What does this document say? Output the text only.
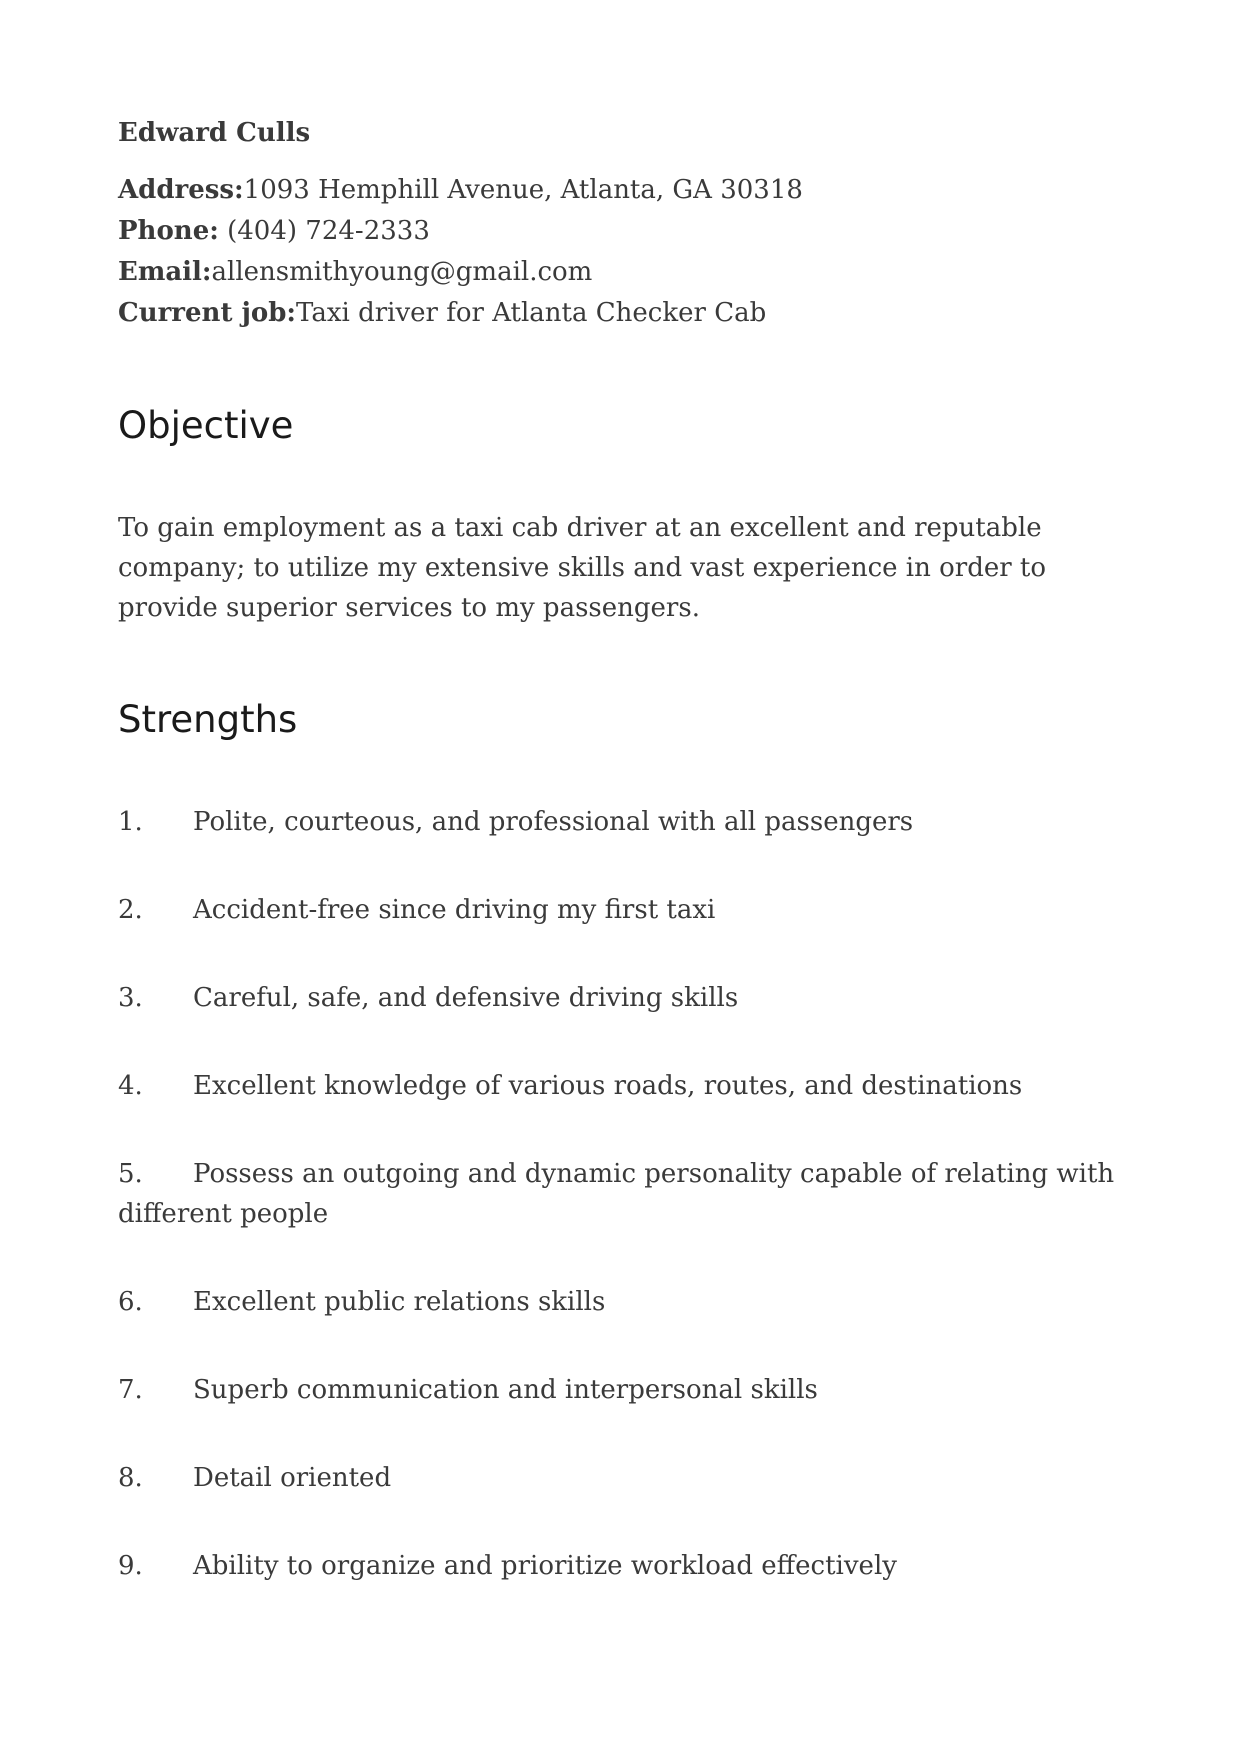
Edward Culls

Address:1093 Hemphill Avenue, Atlanta, GA 30318

Phone: (404) 724-2333

Email:allensmithyoung@gmail.com

Current job:Taxi driver for Atlanta Checker Cab

Objective

To gain employment as a taxi cab driver at an excellent and reputable company; to utilize my extensive skills and vast experience in order to provide superior services to my passengers.

Strengths
1. Polite, courteous, and professional with all passengers
2. Accident-free since driving my first taxi
3. Careful, safe, and defensive driving skills
4. Excellent knowledge of various roads, routes, and destinations
5. Possess an outgoing and dynamic personality capable of relating with different people
6. Excellent public relations skills
7. Superb communication and interpersonal skills
8. Detail oriented
9. Ability to organize and prioritize workload effectively
